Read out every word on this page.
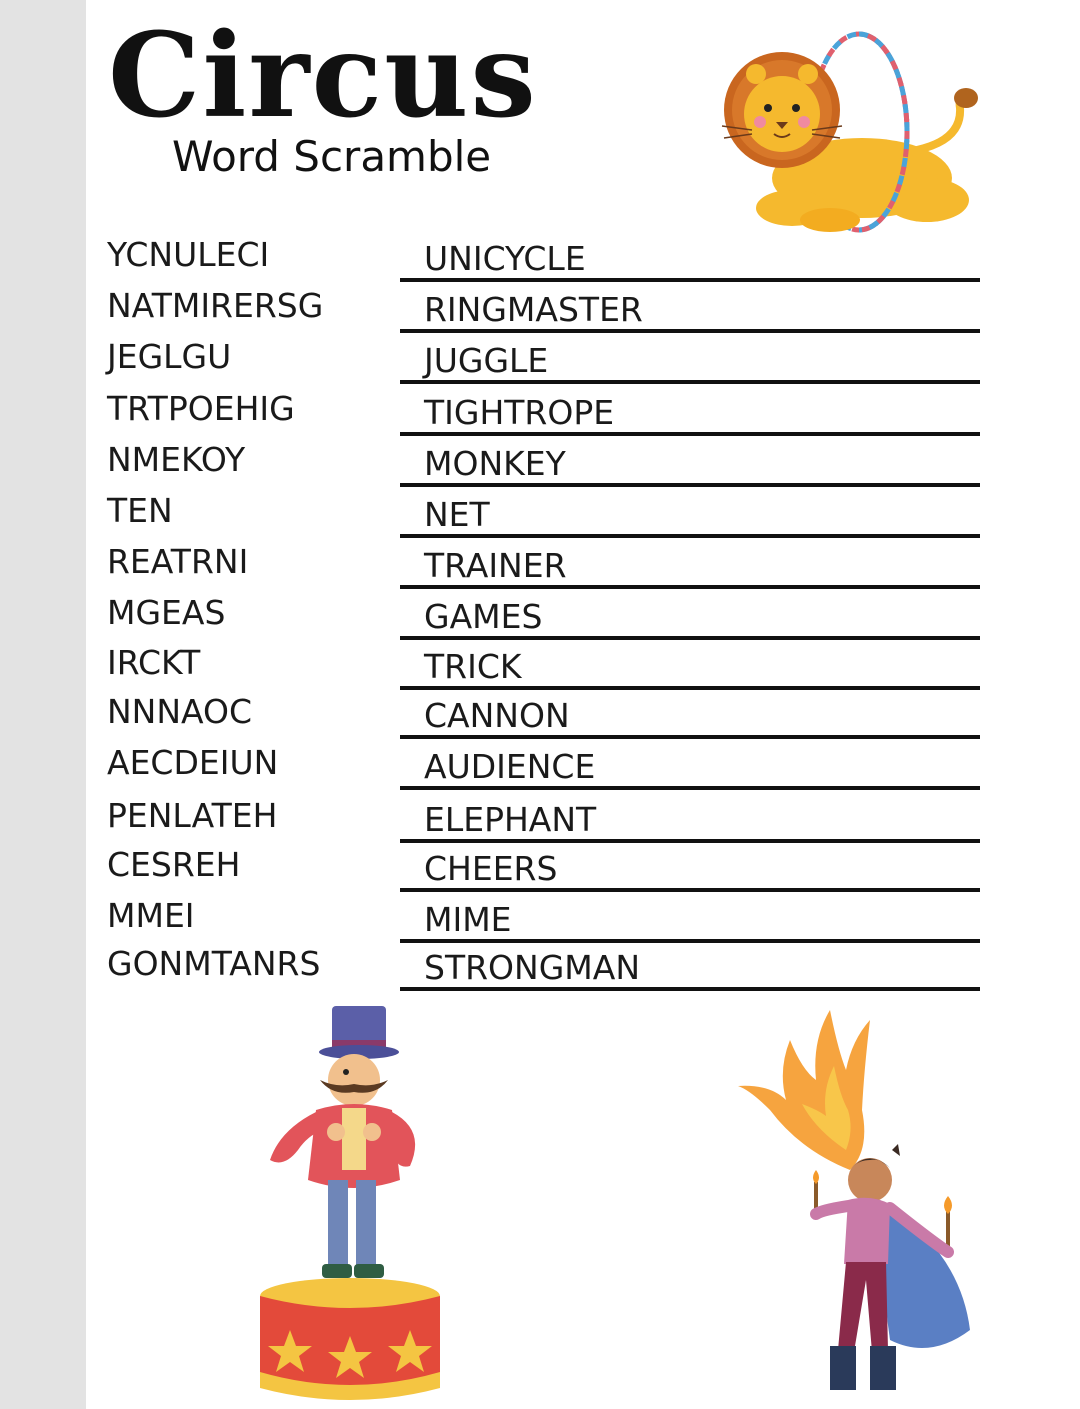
Circus
Word Scramble
YCNULECI	UNICYCLE
NATMIRERSG	RINGMASTER
JEGLGU	JUGGLE
TRTPOEHIG	TIGHTROPE
NMEKOY	MONKEY
TEN	NET
REATRNI	TRAINER
MGEAS	GAMES
IRCKT	TRICK
NNNAOC	CANNON
AECDEIUN	AUDIENCE
PENLATEH	ELEPHANT
CESREH	CHEERS
MMEI	MIME
GONMTANRS	STRONGMAN
